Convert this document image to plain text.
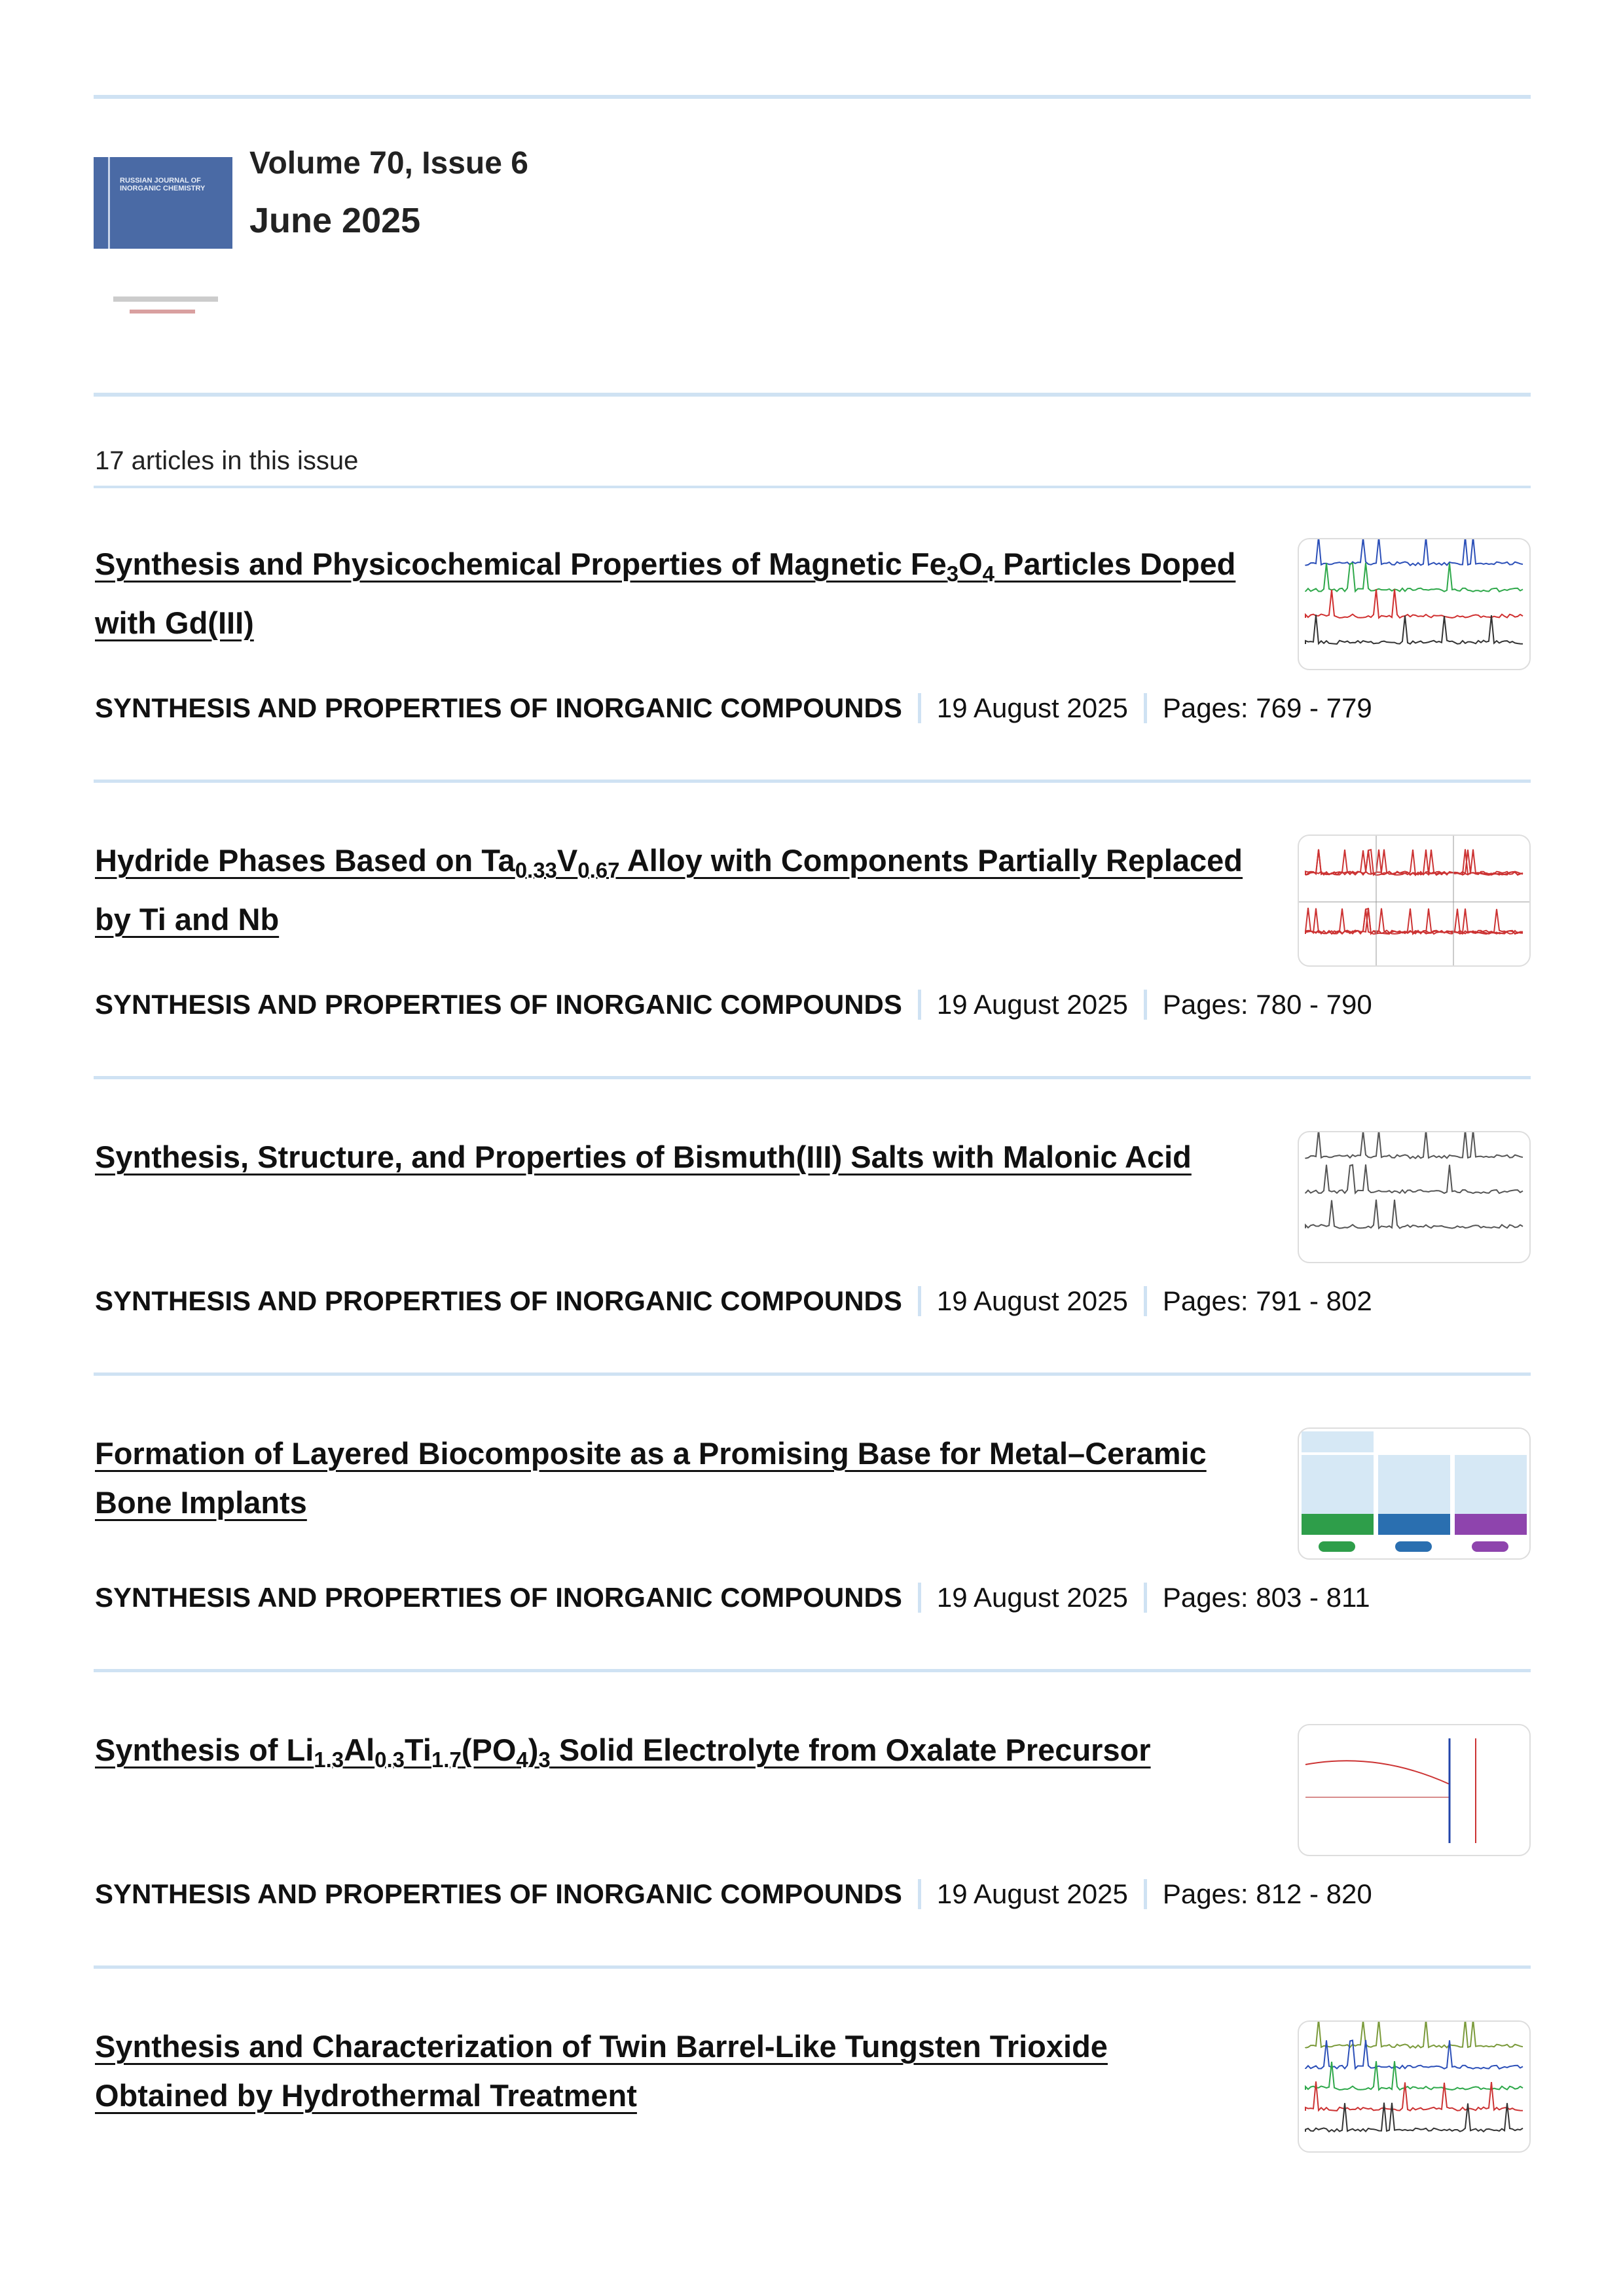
RUSSIAN JOURNAL OF INORGANIC CHEMISTRY
Volume 70, Issue 6
June 2025
17 articles in this issue
Synthesis and Physicochemical Properties of Magnetic $Fe_3O_4$ Particles Doped with Gd(III)
SYNTHESIS AND PROPERTIES OF INORGANIC COMPOUNDS 19 August 2025 Pages: 769 - 779
Hydride Phases Based on $Ta_{0.33}V_{0.67}$ Alloy with Components Partially Replaced by Ti and Nb
SYNTHESIS AND PROPERTIES OF INORGANIC COMPOUNDS 19 August 2025 Pages: 780 - 790
Synthesis, Structure, and Properties of Bismuth(III) Salts with Malonic Acid
SYNTHESIS AND PROPERTIES OF INORGANIC COMPOUNDS 19 August 2025 Pages: 791 - 802
Formation of Layered Biocomposite as a Promising Base for Metal–Ceramic Bone Implants
SYNTHESIS AND PROPERTIES OF INORGANIC COMPOUNDS 19 August 2025 Pages: 803 - 811
Synthesis of $Li_{1.3}Al_{0.3}Ti_{1.7}(PO_4)_3$ Solid Electrolyte from Oxalate Precursor
SYNTHESIS AND PROPERTIES OF INORGANIC COMPOUNDS 19 August 2025 Pages: 812 - 820
Synthesis and Characterization of Twin Barrel-Like Tungsten Trioxide Obtained by Hydrothermal Treatment
